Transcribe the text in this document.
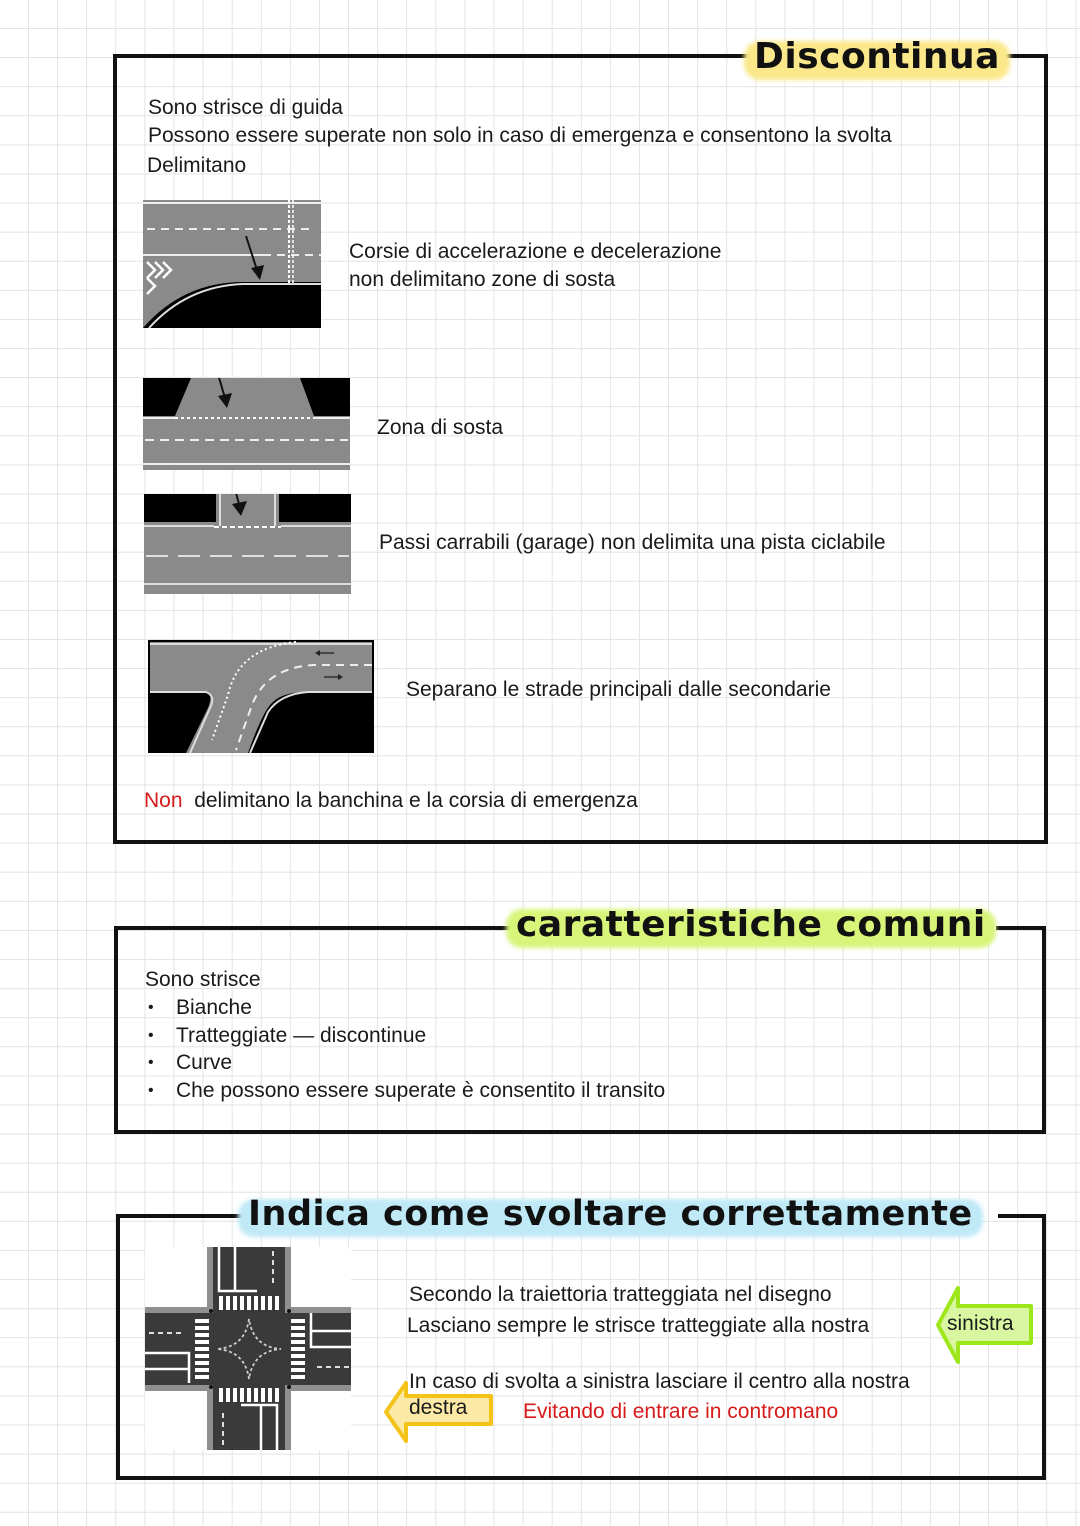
Discontinua
Sono strisce di guida
Possono essere superate non solo in caso di emergenza e consentono la svolta
Delimitano
Corsie di accelerazione e decelerazione
non delimitano zone di sosta
Zona di sosta
Passi carrabili (garage) non delimita una pista ciclabile
Separano le strade principali dalle secondarie
Non delimitano la banchina e la corsia di emergenza
caratteristiche comuni
Sono strisce
• Bianche
• Tratteggiate — discontinue
• Curve
• Che possono essere superate è consentito il transito
Indica come svoltare correttamente
Secondo la traiettoria tratteggiata nel disegno
Lasciano sempre le strisce tratteggiate alla nostra	sinistra
In caso di svolta a sinistra lasciare il centro alla nostra
destra	Evitando di entrare in contromano
